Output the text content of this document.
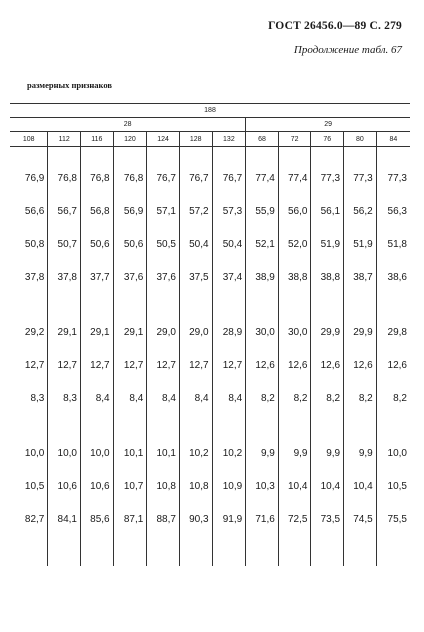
ГОСТ 26456.0—89 С. 279
Продолжение табл. 67
размерных признаков
188											
28							29				
108	112	116	120	124	128	132	68	72	76	80	84

76,9	76,8	76,8	76,8	76,7	76,7	76,7	77,4	77,4	77,3	77,3	77,3
56,6	56,7	56,8	56,9	57,1	57,2	57,3	55,9	56,0	56,1	56,2	56,3
50,8	50,7	50,6	50,6	50,5	50,4	50,4	52,1	52,0	51,9	51,9	51,8
37,8	37,8	37,7	37,6	37,6	37,5	37,4	38,9	38,8	38,8	38,7	38,6

29,2	29,1	29,1	29,1	29,0	29,0	28,9	30,0	30,0	29,9	29,9	29,8
12,7	12,7	12,7	12,7	12,7	12,7	12,7	12,6	12,6	12,6	12,6	12,6
8,3	8,3	8,4	8,4	8,4	8,4	8,4	8,2	8,2	8,2	8,2	8,2

10,0	10,0	10,0	10,1	10,1	10,2	10,2	9,9	9,9	9,9	9,9	10,0
10,5	10,6	10,6	10,7	10,8	10,8	10,9	10,3	10,4	10,4	10,4	10,5
82,7	84,1	85,6	87,1	88,7	90,3	91,9	71,6	72,5	73,5	74,5	75,5
